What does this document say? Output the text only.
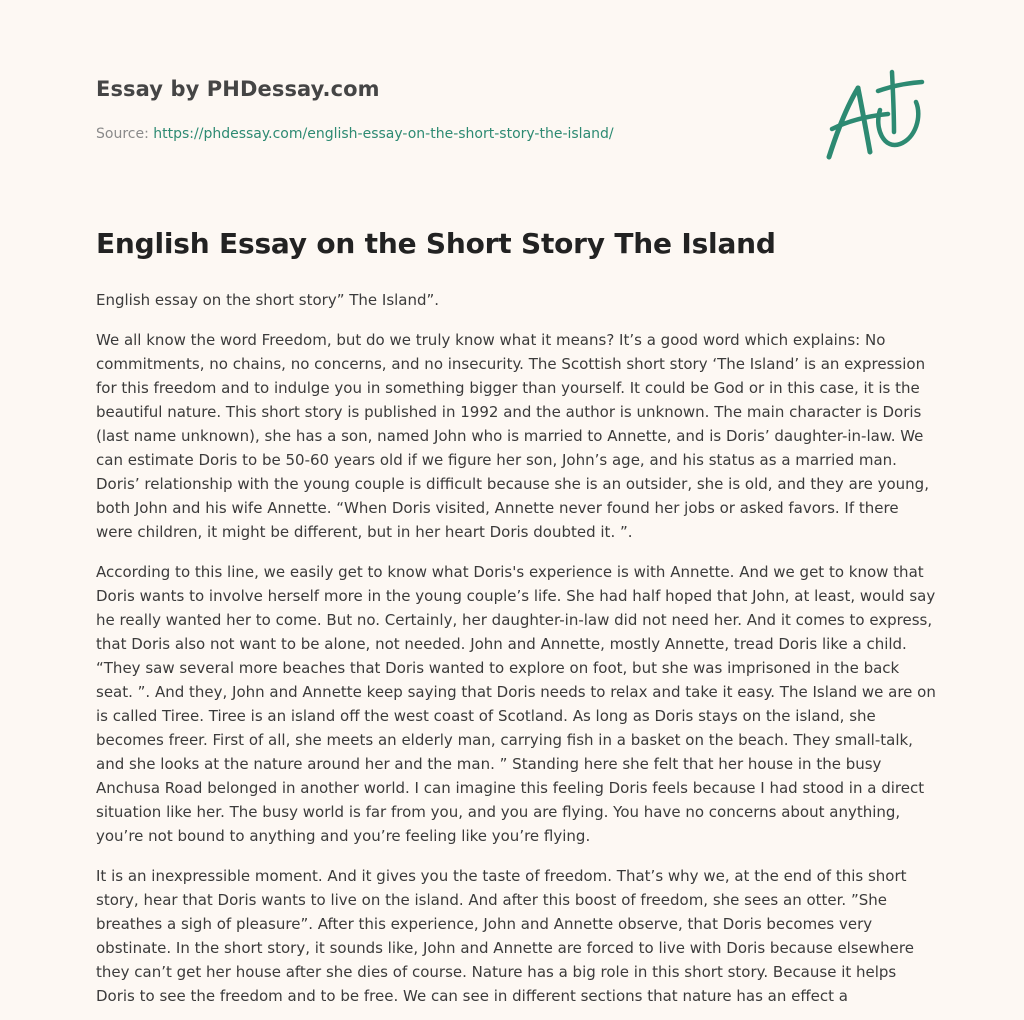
Essay by PHDessay.com
Source: https://phdessay.com/english-essay-on-the-short-story-the-island/
English Essay on the Short Story The Island

English essay on the short story” The Island”.

We all know the word Freedom, but do we truly know what it means? It’s a good word which explains: No commitments, no chains, no concerns, and no insecurity. The Scottish short story ‘The Island’ is an expression for this freedom and to indulge you in something bigger than yourself. It could be God or in this case, it is the beautiful nature. This short story is published in 1992 and the author is unknown. The main character is Doris (last name unknown), she has a son, named John who is married to Annette, and is Doris’ daughter-in-law. We can estimate Doris to be 50-60 years old if we figure her son, John’s age, and his status as a married man. Doris’ relationship with the young couple is difficult because she is an outsider, she is old, and they are young, both John and his wife Annette. “When Doris visited, Annette never found her jobs or asked favors. If there were children, it might be different, but in her heart Doris doubted it. ”.

According to this line, we easily get to know what Doris's experience is with Annette. And we get to know that Doris wants to involve herself more in the young couple’s life. She had half hoped that John, at least, would say he really wanted her to come. But no. Certainly, her daughter-in-law did not need her. And it comes to express, that Doris also not want to be alone, not needed. John and Annette, mostly Annette, tread Doris like a child. “They saw several more beaches that Doris wanted to explore on foot, but she was imprisoned in the back seat. ”. And they, John and Annette keep saying that Doris needs to relax and take it easy. The Island we are on is called Tiree. Tiree is an island off the west coast of Scotland. As long as Doris stays on the island, she becomes freer. First of all, she meets an elderly man, carrying fish in a basket on the beach. They small-talk, and she looks at the nature around her and the man. ” Standing here she felt that her house in the busy Anchusa Road belonged in another world. I can imagine this feeling Doris feels because I had stood in a direct situation like her. The busy world is far from you, and you are flying. You have no concerns about anything, you’re not bound to anything and you’re feeling like you’re flying.

It is an inexpressible moment. And it gives you the taste of freedom. That’s why we, at the end of this short story, hear that Doris wants to live on the island. And after this boost of freedom, she sees an otter. ”She breathes a sigh of pleasure”. After this experience, John and Annette observe, that Doris becomes very obstinate. In the short story, it sounds like, John and Annette are forced to live with Doris because elsewhere they can’t get her house after she dies of course. Nature has a big role in this short story. Because it helps Doris to see the freedom and to be free. We can see in different sections that nature has an effect a
